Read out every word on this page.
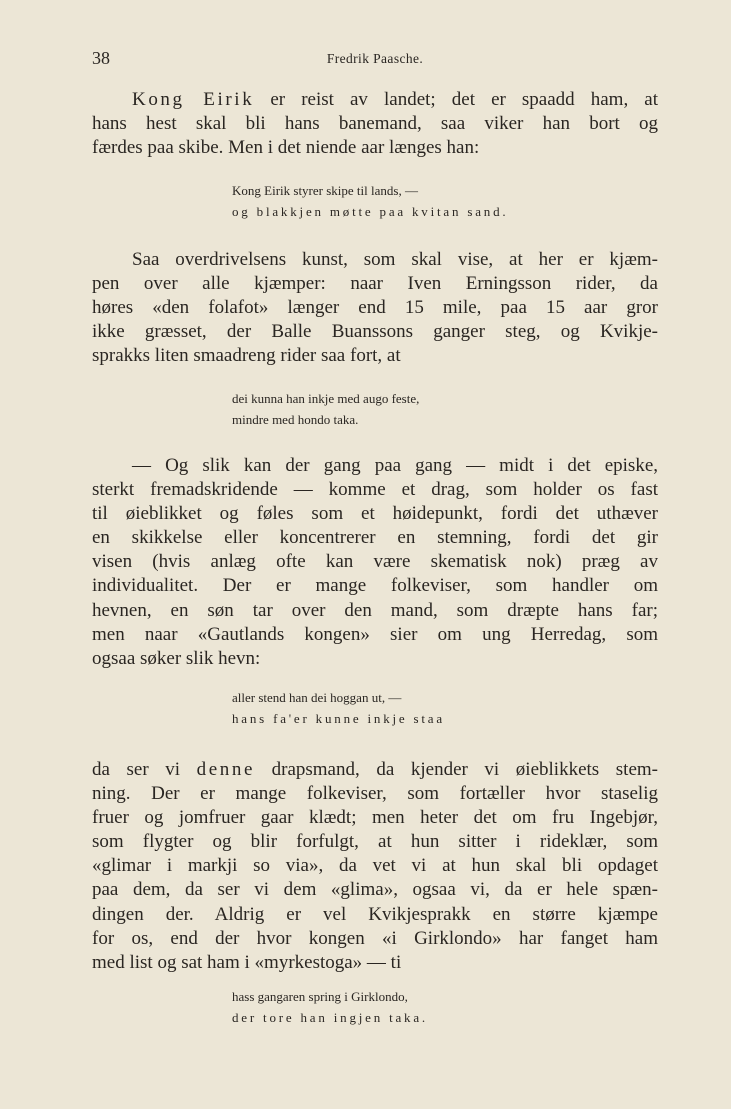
38	Fredrik Paasche.

Kong Eirik er reist av landet; det er spaadd ham, at
hans hest skal bli hans banemand, saa viker han bort og
færdes paa skibe. Men i det niende aar længes han:

Kong Eirik styrer skipe til lands, —
og blakkjen møtte paa kvitan sand.

Saa overdrivelsens kunst, som skal vise, at her er kjæm-
pen over alle kjæmper: naar Iven Erningsson rider, da
høres «den folafot» længer end 15 mile, paa 15 aar gror
ikke græsset, der Balle Buanssons ganger steg, og Kvikje-
sprakks liten smaadreng rider saa fort, at

dei kunna han inkje med augo feste,
mindre med hondo taka.

— Og slik kan der gang paa gang — midt i det episke,
sterkt fremadskridende — komme et drag, som holder os fast
til øieblikket og føles som et høidepunkt, fordi det uthæver
en skikkelse eller koncentrerer en stemning, fordi det gir
visen (hvis anlæg ofte kan være skematisk nok) præg av
individualitet. Der er mange folkeviser, som handler om
hevnen, en søn tar over den mand, som dræpte hans far;
men naar «Gautlands kongen» sier om ung Herredag, som
ogsaa søker slik hevn:

aller stend han dei hoggan ut, —
hans fa'er kunne inkje staa

da ser vi denne drapsmand, da kjender vi øieblikkets stem-
ning. Der er mange folkeviser, som fortæller hvor staselig
fruer og jomfruer gaar klædt; men heter det om fru Ingebjør,
som flygter og blir forfulgt, at hun sitter i rideklær, som
«glimar i markji so via», da vet vi at hun skal bli opdaget
paa dem, da ser vi dem «glima», ogsaa vi, da er hele spæn-
dingen der. Aldrig er vel Kvikjesprakk en større kjæmpe
for os, end der hvor kongen «i Girklondo» har fanget ham
med list og sat ham i «myrkestoga» — ti

hass gangaren spring i Girklondo,
der tore han ingjen taka.
